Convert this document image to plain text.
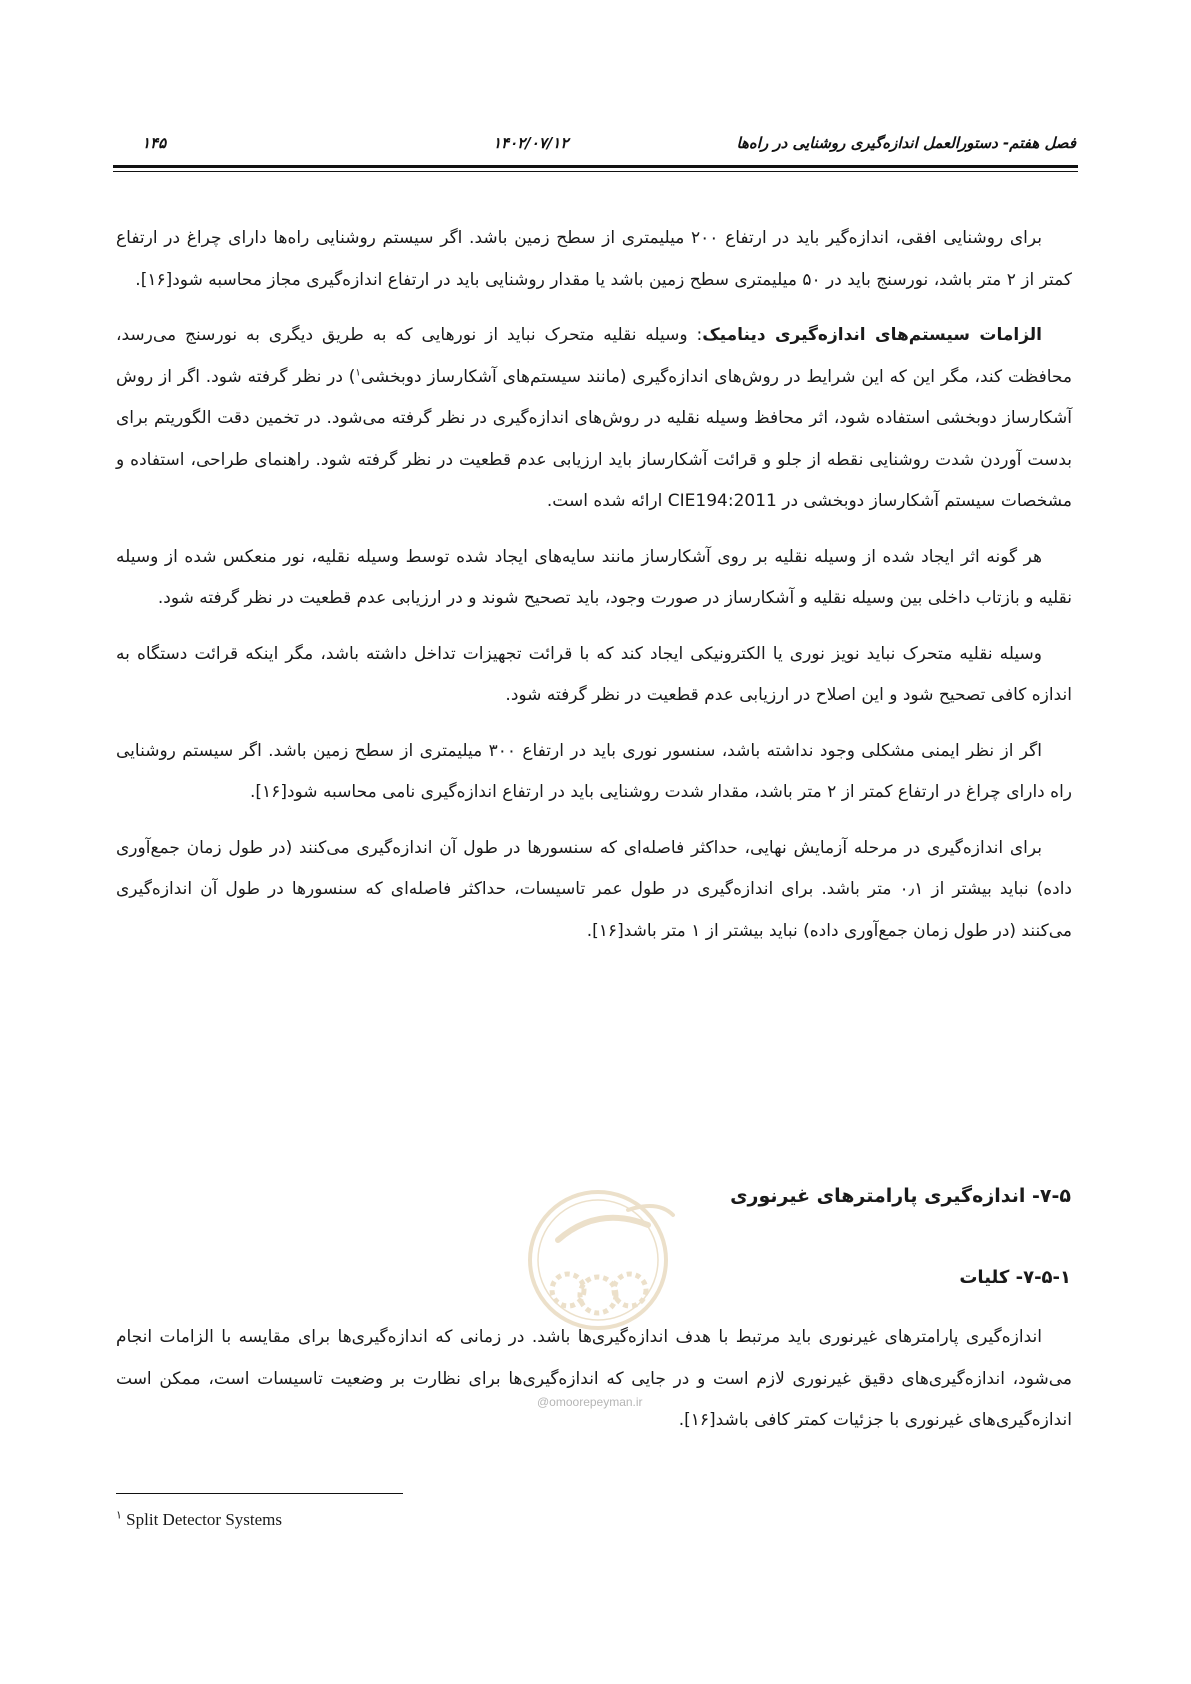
۱۴۵	۱۴۰۲/۰۷/۱۲	فصل هفتم- دستورالعمل اندازه‌گیری روشنایی در راه‌ها

برای روشنایی افقی، اندازه‌گیر باید در ارتفاع ۲۰۰ میلیمتری از سطح زمین باشد. اگر سیستم روشنایی راه‌ها دارای چراغ در ارتفاع کمتر از ۲ متر باشد، نورسنج باید در ۵۰ میلیمتری سطح زمین باشد یا مقدار روشنایی باید در ارتفاع اندازه‌گیری مجاز محاسبه شود[۱۶].

الزامات سیستم‌های اندازه‌گیری دینامیک: وسیله نقلیه متحرک نباید از نورهایی که به طریق دیگری به نورسنج می‌رسد، محافظت کند، مگر این که این شرایط در روش‌های اندازه‌گیری (مانند سیستم‌های آشکارساز دوبخشی$^۱$) در نظر گرفته شود. اگر از روش آشکارساز دوبخشی استفاده شود، اثر محافظ وسیله نقلیه در روش‌های اندازه‌گیری در نظر گرفته می‌شود. در تخمین دقت الگوریتم برای بدست آوردن شدت روشنایی نقطه از جلو و قرائت آشکارساز باید ارزیابی عدم قطعیت در نظر گرفته شود. راهنمای طراحی، استفاده و مشخصات سیستم آشکارساز دوبخشی در CIE194:2011 ارائه شده است.

هر گونه اثر ایجاد شده از وسیله نقلیه بر روی آشکارساز مانند سایه‌های ایجاد شده توسط وسیله نقلیه، نور منعکس شده از وسیله نقلیه و بازتاب داخلی بین وسیله نقلیه و آشکارساز در صورت وجود، باید تصحیح شوند و در ارزیابی عدم قطعیت در نظر گرفته شود.

وسیله نقلیه متحرک نباید نویز نوری یا الکترونیکی ایجاد کند که با قرائت تجهیزات تداخل داشته باشد، مگر اینکه قرائت دستگاه به اندازه کافی تصحیح شود و این اصلاح در ارزیابی عدم قطعیت در نظر گرفته شود.

اگر از نظر ایمنی مشکلی وجود نداشته باشد، سنسور نوری باید در ارتفاع ۳۰۰ میلیمتری از سطح زمین باشد. اگر سیستم روشنایی راه دارای چراغ در ارتفاع کمتر از ۲ متر باشد، مقدار شدت روشنایی باید در ارتفاع اندازه‌گیری نامی محاسبه شود[۱۶].

برای اندازه‌گیری در مرحله آزمایش نهایی، حداکثر فاصله‌ای که سنسورها در طول آن اندازه‌گیری می‌کنند (در طول زمان جمع‌آوری داده) نباید بیشتر از ۰٫۱ متر باشد. برای اندازه‌گیری در طول عمر تاسیسات، حداکثر فاصله‌ای که سنسورها در طول آن اندازه‌گیری می‌کنند (در طول زمان جمع‌آوری داده) نباید بیشتر از ۱ متر باشد[۱۶].

@omoorepeyman.ir
۷-۵- اندازه‌گیری پارامترهای غیرنوری
۷-۵-۱- کلیات

اندازه‌گیری پارامترهای غیرنوری باید مرتبط با هدف اندازه‌گیری‌ها باشد. در زمانی که اندازه‌گیری‌ها برای مقایسه با الزامات انجام می‌شود، اندازه‌گیری‌های دقیق غیرنوری لازم است و در جایی که اندازه‌گیری‌ها برای نظارت بر وضعیت تاسیسات است، ممکن است اندازه‌گیری‌های غیرنوری با جزئیات کمتر کافی باشد[۱۶].

$^۱$ Split Detector Systems
